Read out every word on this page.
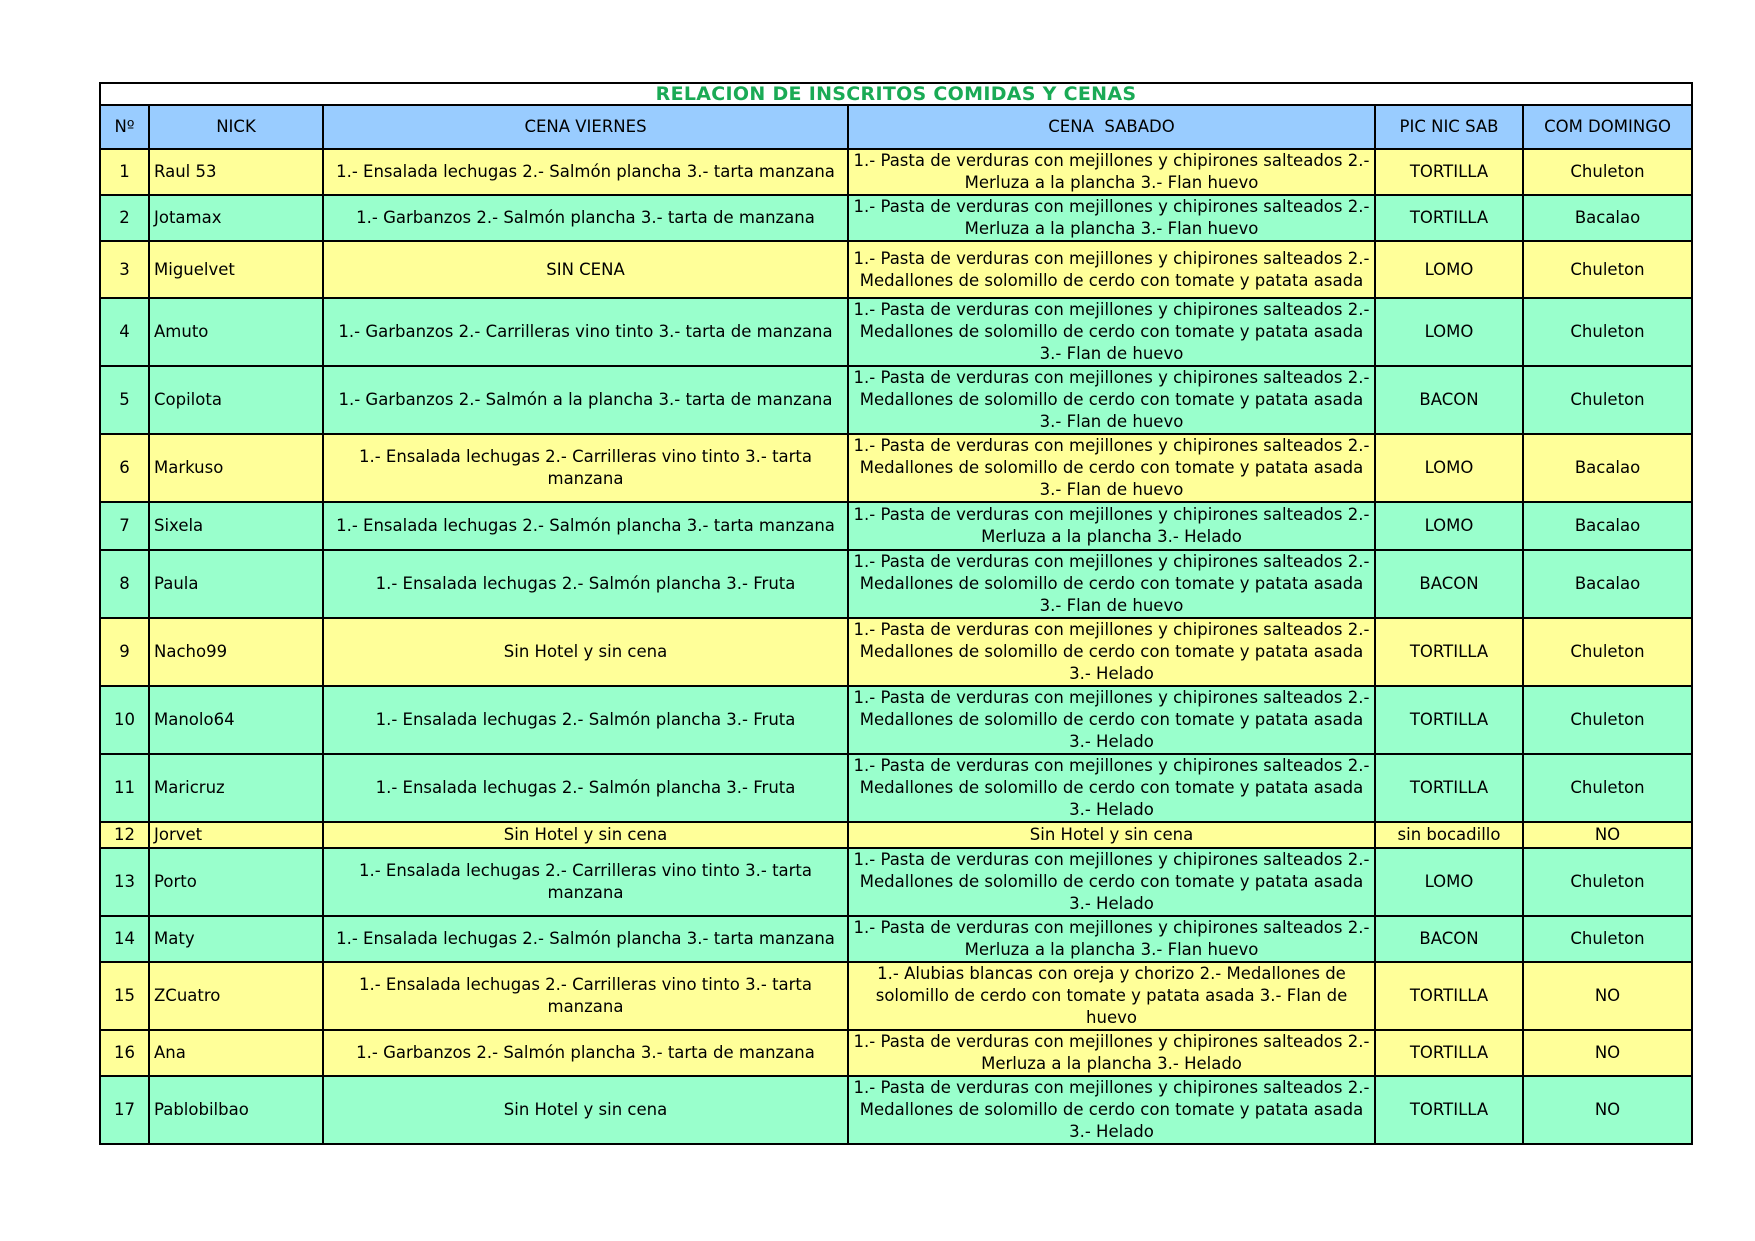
RELACION DE INSCRITOS COMIDAS Y CENAS					
Nº	NICK	CENA VIERNES	CENA  SABADO	PIC NIC SAB	COM DOMINGO
1	Raul 53	1.- Ensalada lechugas 2.- Salmón plancha 3.- tarta manzana	1.- Pasta de verduras con mejillones y chipirones salteados 2.- Merluza a la plancha 3.- Flan huevo	TORTILLA	Chuleton
2	Jotamax	1.- Garbanzos 2.- Salmón plancha 3.- tarta de manzana	1.- Pasta de verduras con mejillones y chipirones salteados 2.- Merluza a la plancha 3.- Flan huevo	TORTILLA	Bacalao
3	Miguelvet	SIN CENA	1.- Pasta de verduras con mejillones y chipirones salteados 2.- Medallones de solomillo de cerdo con tomate y patata asada	LOMO	Chuleton
4	Amuto	1.- Garbanzos 2.- Carrilleras vino tinto 3.- tarta de manzana	1.- Pasta de verduras con mejillones y chipirones salteados 2.- Medallones de solomillo de cerdo con tomate y patata asada 3.- Flan de huevo	LOMO	Chuleton
5	Copilota	1.- Garbanzos 2.- Salmón a la plancha 3.- tarta de manzana	1.- Pasta de verduras con mejillones y chipirones salteados 2.- Medallones de solomillo de cerdo con tomate y patata asada 3.- Flan de huevo	BACON	Chuleton
6	Markuso	1.- Ensalada lechugas 2.- Carrilleras vino tinto 3.- tarta manzana	1.- Pasta de verduras con mejillones y chipirones salteados 2.- Medallones de solomillo de cerdo con tomate y patata asada 3.- Flan de huevo	LOMO	Bacalao
7	Sixela	1.- Ensalada lechugas 2.- Salmón plancha 3.- tarta manzana	1.- Pasta de verduras con mejillones y chipirones salteados 2.- Merluza a la plancha 3.- Helado	LOMO	Bacalao
8	Paula	1.- Ensalada lechugas 2.- Salmón plancha 3.- Fruta	1.- Pasta de verduras con mejillones y chipirones salteados 2.- Medallones de solomillo de cerdo con tomate y patata asada 3.- Flan de huevo	BACON	Bacalao
9	Nacho99	Sin Hotel y sin cena	1.- Pasta de verduras con mejillones y chipirones salteados 2.- Medallones de solomillo de cerdo con tomate y patata asada 3.- Helado	TORTILLA	Chuleton
10	Manolo64	1.- Ensalada lechugas 2.- Salmón plancha 3.- Fruta	1.- Pasta de verduras con mejillones y chipirones salteados 2.- Medallones de solomillo de cerdo con tomate y patata asada 3.- Helado	TORTILLA	Chuleton
11	Maricruz	1.- Ensalada lechugas 2.- Salmón plancha 3.- Fruta	1.- Pasta de verduras con mejillones y chipirones salteados 2.- Medallones de solomillo de cerdo con tomate y patata asada 3.- Helado	TORTILLA	Chuleton
12	Jorvet	Sin Hotel y sin cena	Sin Hotel y sin cena	sin bocadillo	NO
13	Porto	1.- Ensalada lechugas 2.- Carrilleras vino tinto 3.- tarta manzana	1.- Pasta de verduras con mejillones y chipirones salteados 2.- Medallones de solomillo de cerdo con tomate y patata asada 3.- Helado	LOMO	Chuleton
14	Maty	1.- Ensalada lechugas 2.- Salmón plancha 3.- tarta manzana	1.- Pasta de verduras con mejillones y chipirones salteados 2.- Merluza a la plancha 3.- Flan huevo	BACON	Chuleton
15	ZCuatro	1.- Ensalada lechugas 2.- Carrilleras vino tinto 3.- tarta manzana	1.- Alubias blancas con oreja y chorizo 2.- Medallones de solomillo de cerdo con tomate y patata asada 3.- Flan de huevo	TORTILLA	NO
16	Ana	1.- Garbanzos 2.- Salmón plancha 3.- tarta de manzana	1.- Pasta de verduras con mejillones y chipirones salteados 2.- Merluza a la plancha 3.- Helado	TORTILLA	NO
17	Pablobilbao	Sin Hotel y sin cena	1.- Pasta de verduras con mejillones y chipirones salteados 2.- Medallones de solomillo de cerdo con tomate y patata asada 3.- Helado	TORTILLA	NO
